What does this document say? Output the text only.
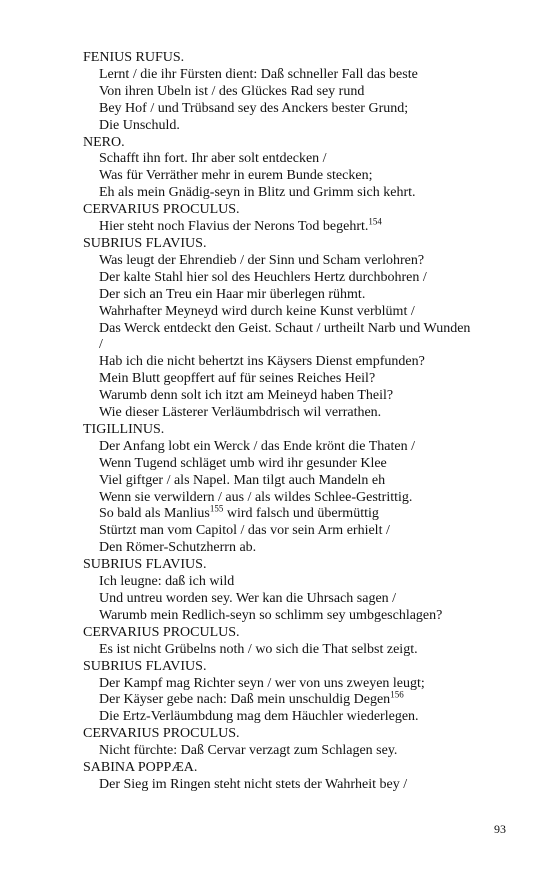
FENIUS RUFUS.
Lernt / die ihr Fürsten dient: Daß schneller Fall das beste
Von ihren Ubeln ist / des Glückes Rad sey rund
Bey Hof / und Trübsand sey des Anckers bester Grund;
Die Unschuld.
NERO.
Schafft ihn fort. Ihr aber solt entdecken /
Was für Verräther mehr in eurem Bunde stecken;
Eh als mein Gnädig-seyn in Blitz und Grimm sich kehrt.
CERVARIUS PROCULUS.
Hier steht noch Flavius der Nerons Tod begehrt.$^{154}$
SUBRIUS FLAVIUS.
Was leugt der Ehrendieb / der Sinn und Scham verlohren?
Der kalte Stahl hier sol des Heuchlers Hertz durchbohren /
Der sich an Treu ein Haar mir überlegen rühmt.
Wahrhafter Meyneyd wird durch keine Kunst verblümt /
Das Werck entdeckt den Geist. Schaut / urtheilt Narb und Wunden
/
Hab ich die nicht behertzt ins Käysers Dienst empfunden?
Mein Blutt geopffert auf für seines Reiches Heil?
Warumb denn solt ich itzt am Meineyd haben Theil?
Wie dieser Lästerer Verläumbdrisch wil verrathen.
TIGILLINUS.
Der Anfang lobt ein Werck / das Ende krönt die Thaten /
Wenn Tugend schläget umb wird ihr gesunder Klee
Viel giftger / als Napel. Man tilgt auch Mandeln eh
Wenn sie verwildern / aus / als wildes Schlee-Gestrittig.
So bald als Manlius$^{155}$ wird falsch und übermüttig
Stürtzt man vom Capitol / das vor sein Arm erhielt /
Den Römer-Schutzherrn ab.
SUBRIUS FLAVIUS.
Ich leugne: daß ich wild
Und untreu worden sey. Wer kan die Uhrsach sagen /
Warumb mein Redlich-seyn so schlimm sey umbgeschlagen?
CERVARIUS PROCULUS.
Es ist nicht Grübelns noth / wo sich die That selbst zeigt.
SUBRIUS FLAVIUS.
Der Kampf mag Richter seyn / wer von uns zweyen leugt;
Der Käyser gebe nach: Daß mein unschuldig Degen$^{156}$
Die Ertz-Verläumbdung mag dem Häuchler wiederlegen.
CERVARIUS PROCULUS.
Nicht fürchte: Daß Cervar verzagt zum Schlagen sey.
SABINA POPPÆA.
Der Sieg im Ringen steht nicht stets der Wahrheit bey /
93
